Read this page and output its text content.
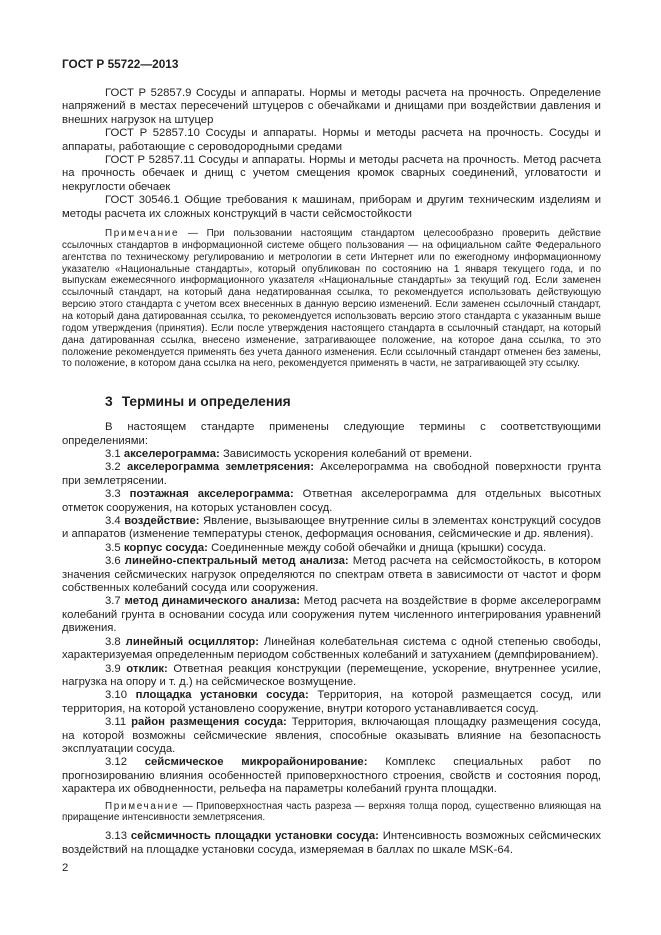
ГОСТ Р 55722—2013

ГОСТ Р 52857.9 Сосуды и аппараты. Нормы и методы расчета на прочность. Определение напряжений в местах пересечений штуцеров с обечайками и днищами при воздействии давления и внешних нагрузок на штуцер

ГОСТ Р 52857.10 Сосуды и аппараты. Нормы и методы расчета на прочность. Сосуды и аппараты, работающие с сероводородными средами

ГОСТ Р 52857.11 Сосуды и аппараты. Нормы и методы расчета на прочность. Метод расчета на прочность обечаек и днищ с учетом смещения кромок сварных соединений, угловатости и некруглости обечаек

ГОСТ 30546.1 Общие требования к машинам, приборам и другим техническим изделиям и методы расчета их сложных конструкций в части сейсмостойкости

Примечание — При пользовании настоящим стандартом целесообразно проверить действие ссылочных стандартов в информационной системе общего пользования — на официальном сайте Федерального агентства по техническому регулированию и метрологии в сети Интернет или по ежегодному информационному указателю «Национальные стандарты», который опубликован по состоянию на 1 января текущего года, и по выпускам ежемесячного информационного указателя «Национальные стандарты» за текущий год. Если заменен ссылочный стандарт, на который дана недатированная ссылка, то рекомендуется использовать действующую версию этого стандарта с учетом всех внесенных в данную версию изменений. Если заменен ссылочный стандарт, на который дана датированная ссылка, то рекомендуется использовать версию этого стандарта с указанным выше годом утверждения (принятия). Если после утверждения настоящего стандарта в ссылочный стандарт, на который дана датированная ссылка, внесено изменение, затрагивающее положение, на которое дана ссылка, то это положение рекомендуется применять без учета данного изменения. Если ссылочный стандарт отменен без замены, то положение, в котором дана ссылка на него, рекомендуется применять в части, не затрагивающей эту ссылку.

3 Термины и определения

В настоящем стандарте применены следующие термины с соответствующими определениями:

3.1 акселерограмма: Зависимость ускорения колебаний от времени.

3.2 акселерограмма землетрясения: Акселерограмма на свободной поверхности грунта при землетрясении.

3.3 поэтажная акселерограмма: Ответная акселерограмма для отдельных высотных отметок сооружения, на которых установлен сосуд.

3.4 воздействие: Явление, вызывающее внутренние силы в элементах конструкций сосудов и аппаратов (изменение температуры стенок, деформация основания, сейсмические и др. явления).

3.5 корпус сосуда: Соединенные между собой обечайки и днища (крышки) сосуда.

3.6 линейно-спектральный метод анализа: Метод расчета на сейсмостойкость, в котором значения сейсмических нагрузок определяются по спектрам ответа в зависимости от частот и форм собственных колебаний сосуда или сооружения.

3.7 метод динамического анализа: Метод расчета на воздействие в форме акселерограмм колебаний грунта в основании сосуда или сооружения путем численного интегрирования уравнений движения.

3.8 линейный осциллятор: Линейная колебательная система с одной степенью свободы, характеризуемая определенным периодом собственных колебаний и затуханием (демпфированием).

3.9 отклик: Ответная реакция конструкции (перемещение, ускорение, внутреннее усилие, нагрузка на опору и т. д.) на сейсмическое возмущение.

3.10 площадка установки сосуда: Территория, на которой размещается сосуд, или территория, на которой установлено сооружение, внутри которого устанавливается сосуд.

3.11 район размещения сосуда: Территория, включающая площадку размещения сосуда, на которой возможны сейсмические явления, способные оказывать влияние на безопасность эксплуатации сосуда.

3.12 сейсмическое микрорайонирование: Комплекс специальных работ по прогнозированию влияния особенностей приповерхностного строения, свойств и состояния пород, характера их обводненности, рельефа на параметры колебаний грунта площадки.

Примечание — Приповерхностная часть разреза — верхняя толща пород, существенно влияющая на приращение интенсивности землетрясения.

3.13 сейсмичность площадки установки сосуда: Интенсивность возможных сейсмических воздействий на площадке установки сосуда, измеряемая в баллах по шкале MSK-64.

2
